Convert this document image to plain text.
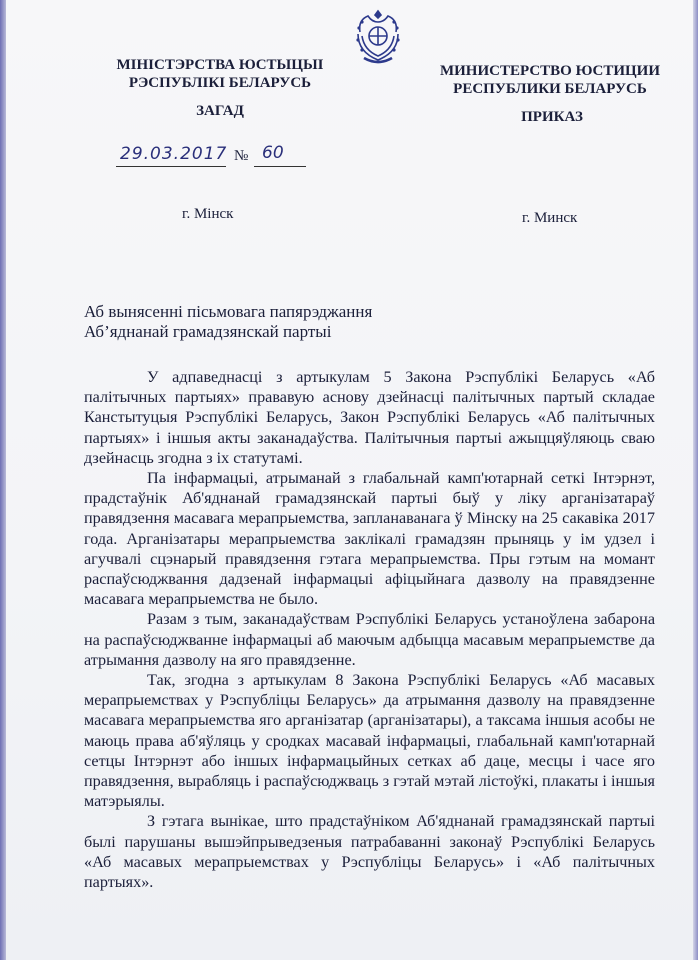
МІНІСТЭРСТВА ЮСТЫЦЫІ
РЭСПУБЛІКІ БЕЛАРУСЬ
МИНИСТЕРСТВО ЮСТИЦИИ
РЕСПУБЛИКИ БЕЛАРУСЬ
ЗАГАД	ПРИКАЗ
29.03.2017 № 60
г. Мінск	г. Минск
Аб вынясенні пісьмовага папярэджання
Аб’яднанай грамадзянскай партыі

У адпаведнасці з артыкулам 5 Закона Рэспублікі Беларусь «Аб палітычных партыях» прававую аснову дзейнасці палітычных партый складае Канстытуцыя Рэспублікі Беларусь, Закон Рэспублікі Беларусь «Аб палітычных партыях» і іншыя акты заканадаўства. Палітычныя партыі ажыццяўляюць сваю дзейнасць згодна з іх статутамі.

Па інфармацыі, атрыманай з глабальнай камп'ютарнай сеткі Інтэрнэт, прадстаўнік Аб'яднанай грамадзянскай партыі быў у ліку арганізатараў правядзення масавага мерапрыемства, запланаванага ў Мінску на 25 сакавіка 2017 года. Арганізатары мерапрыемства заклікалі грамадзян прыняць у ім удзел і агучвалі сцэнарый правядзення гэтага мерапрыемства. Пры гэтым на момант распаўсюджвання дадзенай інфармацыі афіцыйнага дазволу на правядзенне масавага мерапрыемства не было.

Разам з тым, заканадаўствам Рэспублікі Беларусь устаноўлена забарона на распаўсюджванне інфармацыі аб маючым адбыцца масавым мерапрыемстве да атрымання дазволу на яго правядзенне.

Так, згодна з артыкулам 8 Закона Рэспублікі Беларусь «Аб масавых мерапрыемствах у Рэспубліцы Беларусь» да атрымання дазволу на правядзенне масавага мерапрыемства яго арганізатар (арганізатары), а таксама іншыя асобы не маюць права аб'яўляць у сродках масавай інфармацыі, глабальнай камп'ютарнай сетцы Інтэрнэт або іншых інфармацыйных сетках аб даце, месцы і часе яго правядзення, вырабляць і распаўсюджваць з гэтай мэтай лістоўкі, плакаты і іншыя матэрыялы.

З гэтага вынікае, што прадстаўніком Аб'яднанай грамадзянскай партыі былі парушаны вышэйпрыведзеныя патрабаванні законаў Рэспублікі Беларусь «Аб масавых мерапрыемствах у Рэспубліцы Беларусь» і «Аб палітычных партыях».
